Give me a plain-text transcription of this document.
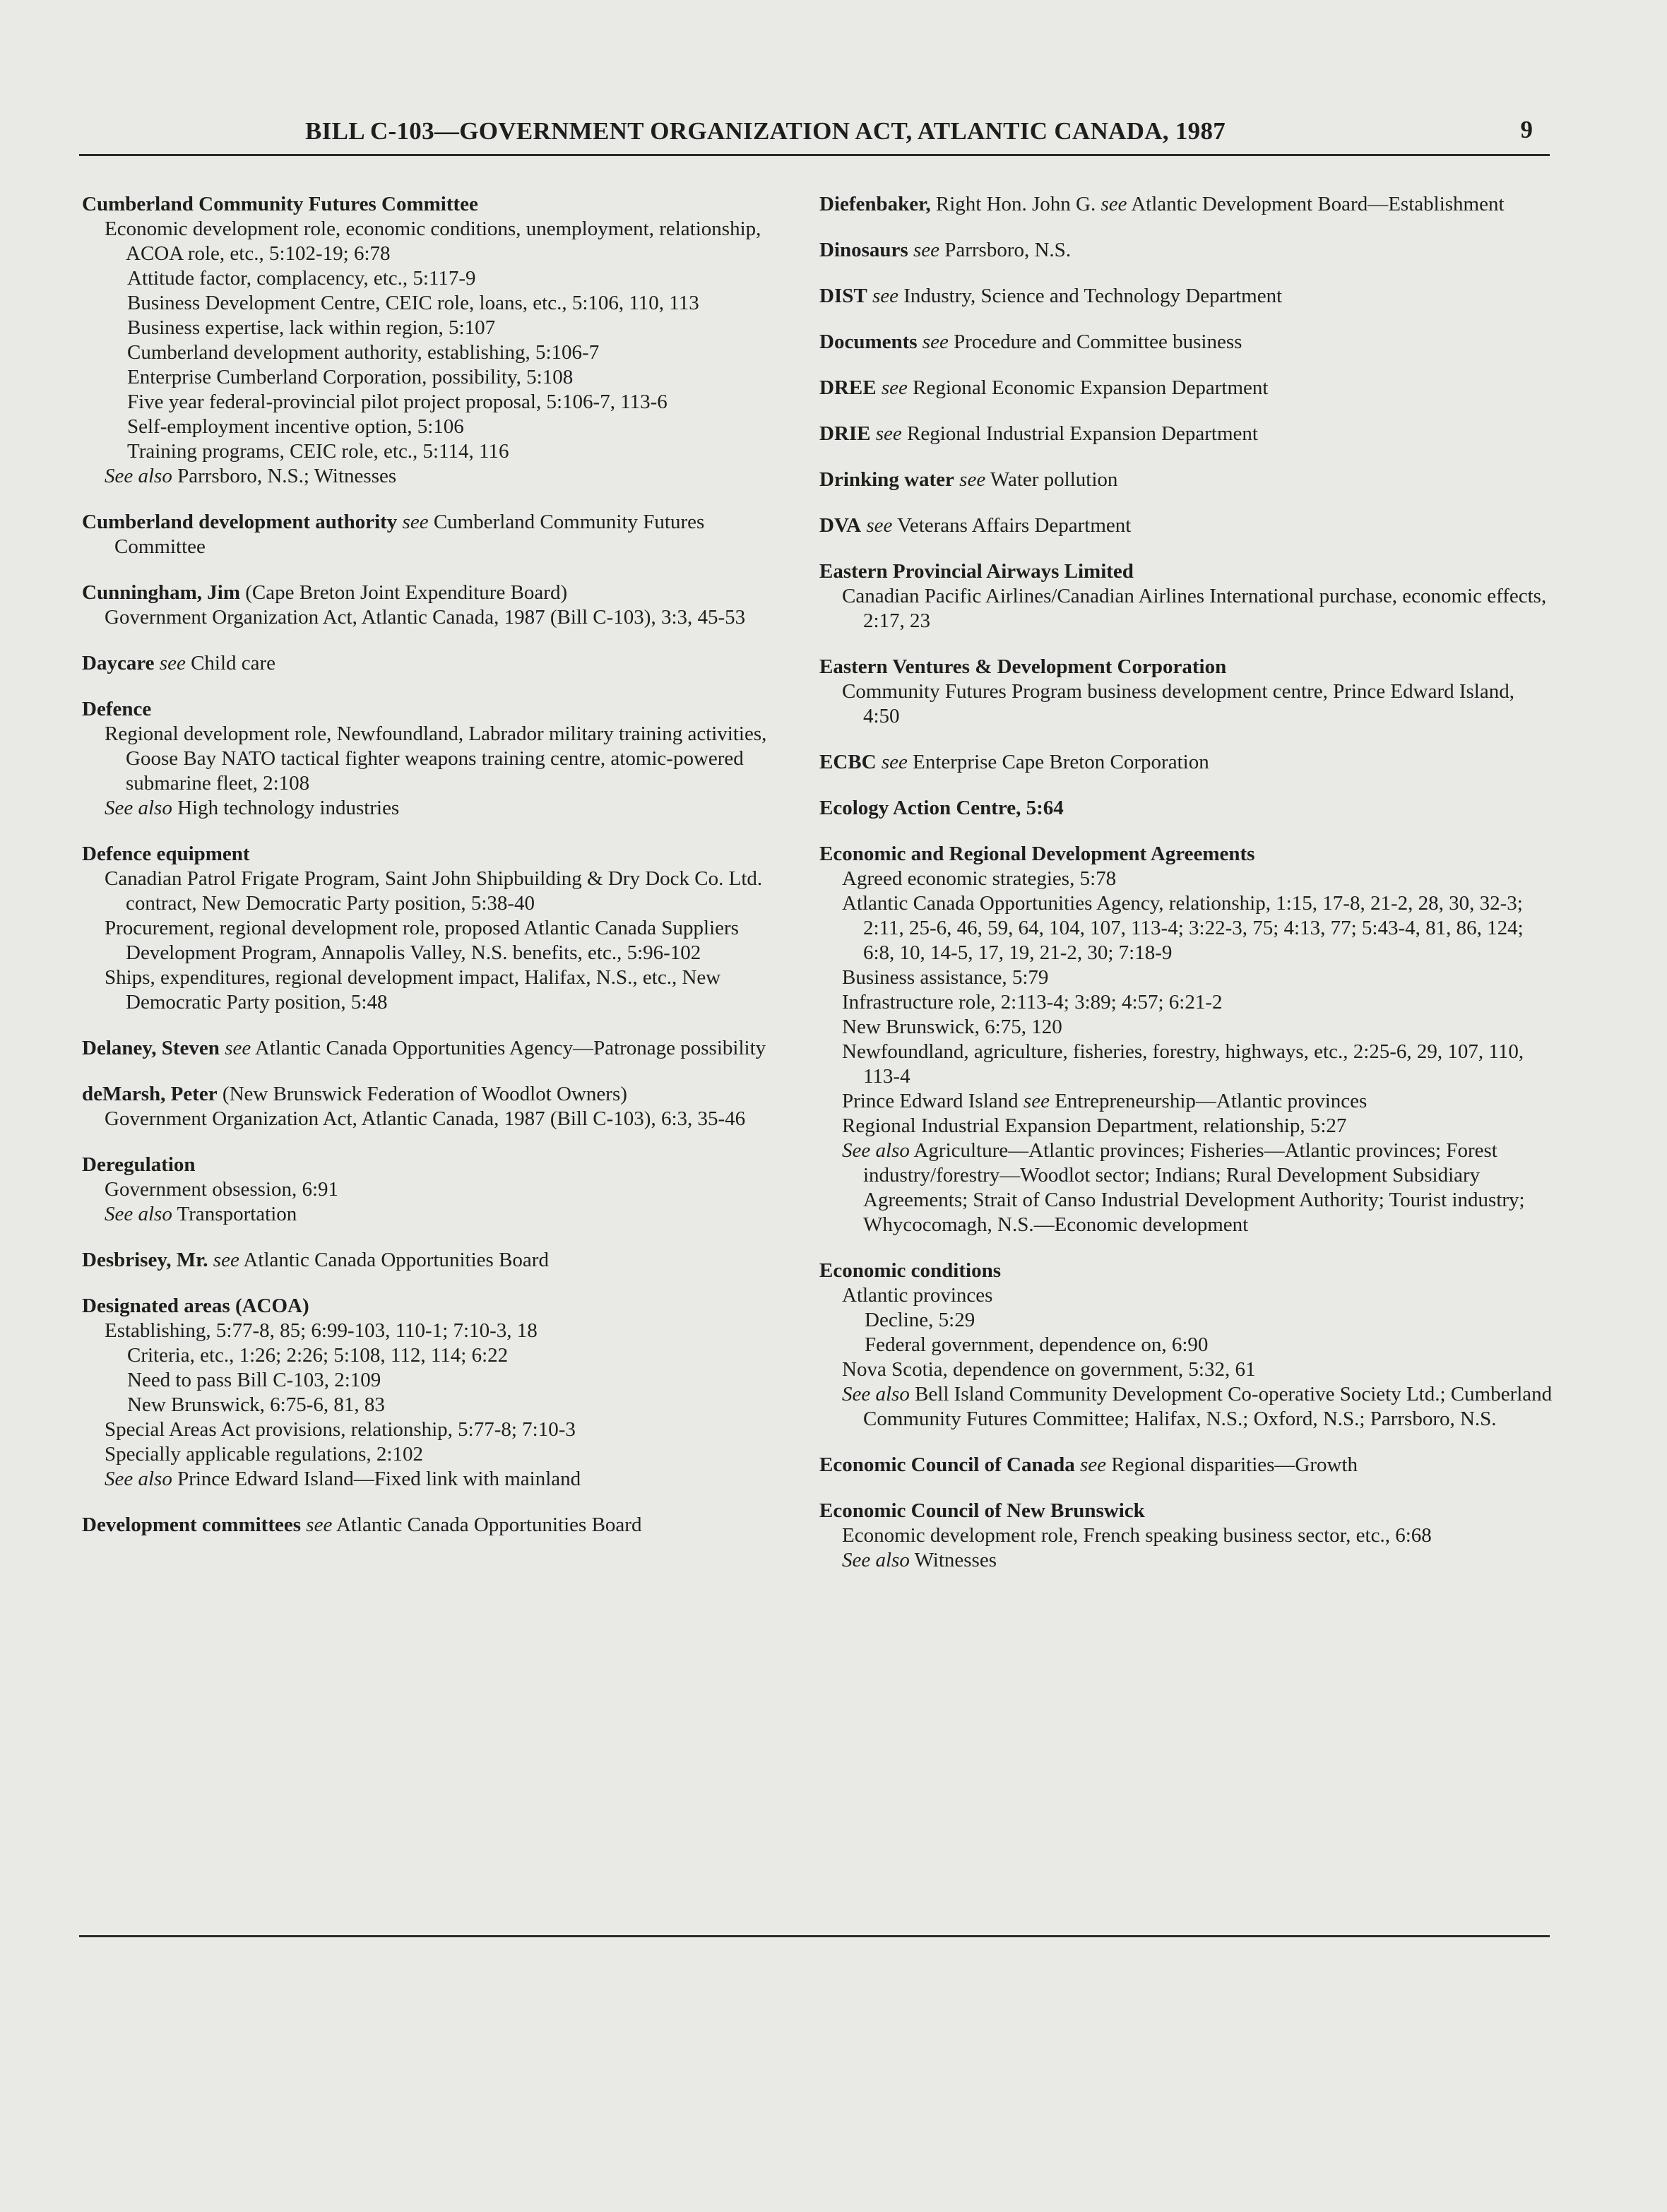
BILL C-103—GOVERNMENT ORGANIZATION ACT, ATLANTIC CANADA, 1987	9

Cumberland Community Futures Committee

Economic development role, economic conditions, unemployment, relationship, ACOA role, etc., 5:102-19; 6:78

Attitude factor, complacency, etc., 5:117-9

Business Development Centre, CEIC role, loans, etc., 5:106, 110, 113

Business expertise, lack within region, 5:107

Cumberland development authority, establishing, 5:106-7

Enterprise Cumberland Corporation, possibility, 5:108

Five year federal-provincial pilot project proposal, 5:106-7, 113-6

Self-employment incentive option, 5:106

Training programs, CEIC role, etc., 5:114, 116

See also Parrsboro, N.S.; Witnesses

Cumberland development authority see Cumberland Community Futures Committee

Cunningham, Jim (Cape Breton Joint Expenditure Board)

Government Organization Act, Atlantic Canada, 1987 (Bill C-103), 3:3, 45-53

Daycare see Child care

Defence

Regional development role, Newfoundland, Labrador military training activities, Goose Bay NATO tactical fighter weapons training centre, atomic-powered submarine fleet, 2:108

See also High technology industries

Defence equipment

Canadian Patrol Frigate Program, Saint John Shipbuilding & Dry Dock Co. Ltd. contract, New Democratic Party position, 5:38-40

Procurement, regional development role, proposed Atlantic Canada Suppliers Development Program, Annapolis Valley, N.S. benefits, etc., 5:96-102

Ships, expenditures, regional development impact, Halifax, N.S., etc., New Democratic Party position, 5:48

Delaney, Steven see Atlantic Canada Opportunities Agency—Patronage possibility

deMarsh, Peter (New Brunswick Federation of Woodlot Owners)

Government Organization Act, Atlantic Canada, 1987 (Bill C-103), 6:3, 35-46

Deregulation

Government obsession, 6:91

See also Transportation

Desbrisey, Mr. see Atlantic Canada Opportunities Board

Designated areas (ACOA)

Establishing, 5:77-8, 85; 6:99-103, 110-1; 7:10-3, 18

Criteria, etc., 1:26; 2:26; 5:108, 112, 114; 6:22

Need to pass Bill C-103, 2:109

New Brunswick, 6:75-6, 81, 83

Special Areas Act provisions, relationship, 5:77-8; 7:10-3

Specially applicable regulations, 2:102

See also Prince Edward Island—Fixed link with mainland

Development committees see Atlantic Canada Opportunities Board

Diefenbaker, Right Hon. John G. see Atlantic Development Board—Establishment

Dinosaurs see Parrsboro, N.S.

DIST see Industry, Science and Technology Department

Documents see Procedure and Committee business

DREE see Regional Economic Expansion Department

DRIE see Regional Industrial Expansion Department

Drinking water see Water pollution

DVA see Veterans Affairs Department

Eastern Provincial Airways Limited

Canadian Pacific Airlines/Canadian Airlines International purchase, economic effects, 2:17, 23

Eastern Ventures & Development Corporation

Community Futures Program business development centre, Prince Edward Island, 4:50

ECBC see Enterprise Cape Breton Corporation

Ecology Action Centre, 5:64

Economic and Regional Development Agreements

Agreed economic strategies, 5:78

Atlantic Canada Opportunities Agency, relationship, 1:15, 17-8, 21-2, 28, 30, 32-3; 2:11, 25-6, 46, 59, 64, 104, 107, 113-4; 3:22-3, 75; 4:13, 77; 5:43-4, 81, 86, 124; 6:8, 10, 14-5, 17, 19, 21-2, 30; 7:18-9

Business assistance, 5:79

Infrastructure role, 2:113-4; 3:89; 4:57; 6:21-2

New Brunswick, 6:75, 120

Newfoundland, agriculture, fisheries, forestry, highways, etc., 2:25-6, 29, 107, 110, 113-4

Prince Edward Island see Entrepreneurship—Atlantic provinces

Regional Industrial Expansion Department, relationship, 5:27

See also Agriculture—Atlantic provinces; Fisheries—Atlantic provinces; Forest industry/forestry—Woodlot sector; Indians; Rural Development Subsidiary Agreements; Strait of Canso Industrial Development Authority; Tourist industry; Whycocomagh, N.S.—Economic development

Economic conditions

Atlantic provinces

Decline, 5:29

Federal government, dependence on, 6:90

Nova Scotia, dependence on government, 5:32, 61

See also Bell Island Community Development Co-operative Society Ltd.; Cumberland Community Futures Committee; Halifax, N.S.; Oxford, N.S.; Parrsboro, N.S.

Economic Council of Canada see Regional disparities—Growth

Economic Council of New Brunswick

Economic development role, French speaking business sector, etc., 6:68

See also Witnesses
